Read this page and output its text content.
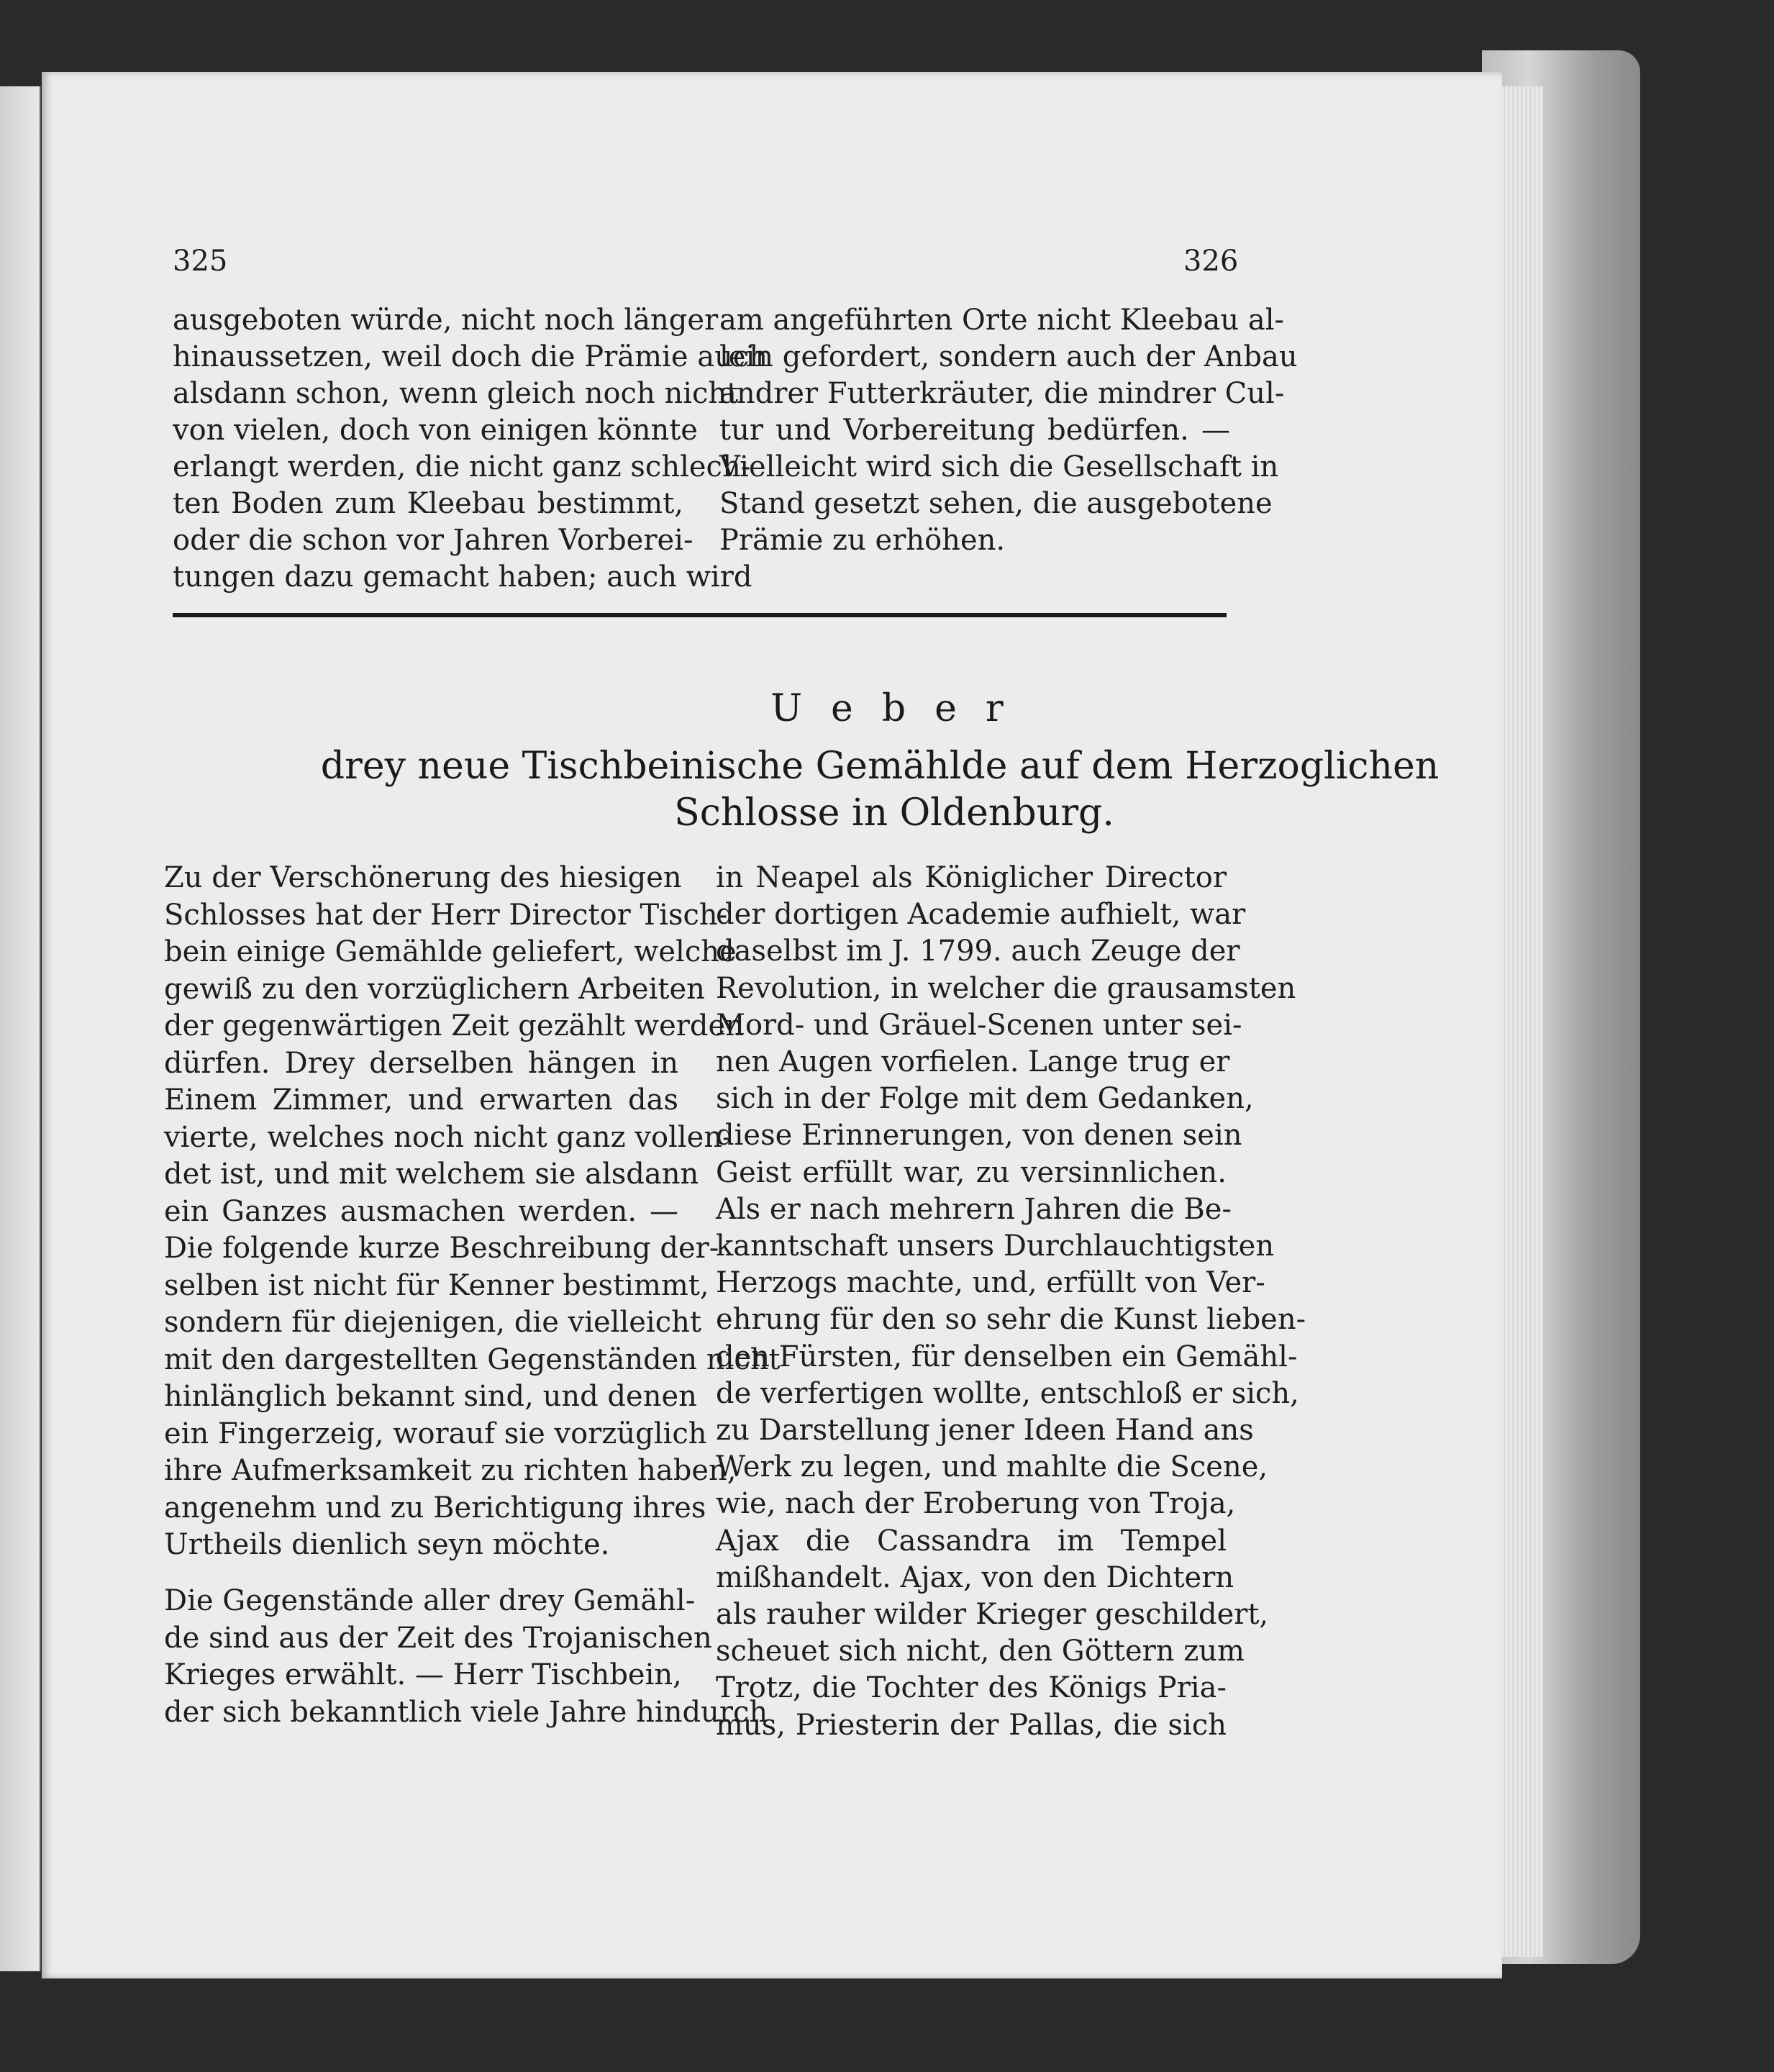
325	326
ausgeboten würde, nicht noch länger
hinaussetzen, weil doch die Prämie auch
alsdann schon, wenn gleich noch nicht
von vielen, doch von einigen könnte
erlangt werden, die nicht ganz schlech-
ten Boden zum Kleebau bestimmt,
oder die schon vor Jahren Vorberei-
tungen dazu gemacht haben; auch wird
am angeführten Orte nicht Kleebau al-
lein gefordert, sondern auch der Anbau
andrer Futterkräuter, die mindrer Cul-
tur und Vorbereitung bedürfen. —
Vielleicht wird sich die Gesellschaft in
Stand gesetzt sehen, die ausgebotene
Prämie zu erhöhen.
Ueber
drey neue Tischbeinische Gemählde auf dem Herzoglichen
Schlosse in Oldenburg.
Zu der Verschönerung des hiesigen
Schlosses hat der Herr Director Tisch-
bein einige Gemählde geliefert, welche
gewiß zu den vorzüglichern Arbeiten
der gegenwärtigen Zeit gezählt werden
dürfen. Drey derselben hängen in
Einem Zimmer, und erwarten das
vierte, welches noch nicht ganz vollen-
det ist, und mit welchem sie alsdann
ein Ganzes ausmachen werden. —
Die folgende kurze Beschreibung der-
selben ist nicht für Kenner bestimmt,
sondern für diejenigen, die vielleicht
mit den dargestellten Gegenständen nicht
hinlänglich bekannt sind, und denen
ein Fingerzeig, worauf sie vorzüglich
ihre Aufmerksamkeit zu richten haben,
angenehm und zu Berichtigung ihres
Urtheils dienlich seyn möchte.
Die Gegenstände aller drey Gemähl-
de sind aus der Zeit des Trojanischen
Krieges erwählt. — Herr Tischbein,
der sich bekanntlich viele Jahre hindurch
in Neapel als Königlicher Director
der dortigen Academie aufhielt, war
daselbst im J. 1799. auch Zeuge der
Revolution, in welcher die grausamsten
Mord- und Gräuel-Scenen unter sei-
nen Augen vorfielen. Lange trug er
sich in der Folge mit dem Gedanken,
diese Erinnerungen, von denen sein
Geist erfüllt war, zu versinnlichen.
Als er nach mehrern Jahren die Be-
kanntschaft unsers Durchlauchtigsten
Herzogs machte, und, erfüllt von Ver-
ehrung für den so sehr die Kunst lieben-
den Fürsten, für denselben ein Gemähl-
de verfertigen wollte, entschloß er sich,
zu Darstellung jener Ideen Hand ans
Werk zu legen, und mahlte die Scene,
wie, nach der Eroberung von Troja,
Ajax die Cassandra im Tempel
mißhandelt. Ajax, von den Dichtern
als rauher wilder Krieger geschildert,
scheuet sich nicht, den Göttern zum
Trotz, die Tochter des Königs Pria-
mus, Priesterin der Pallas, die sich
